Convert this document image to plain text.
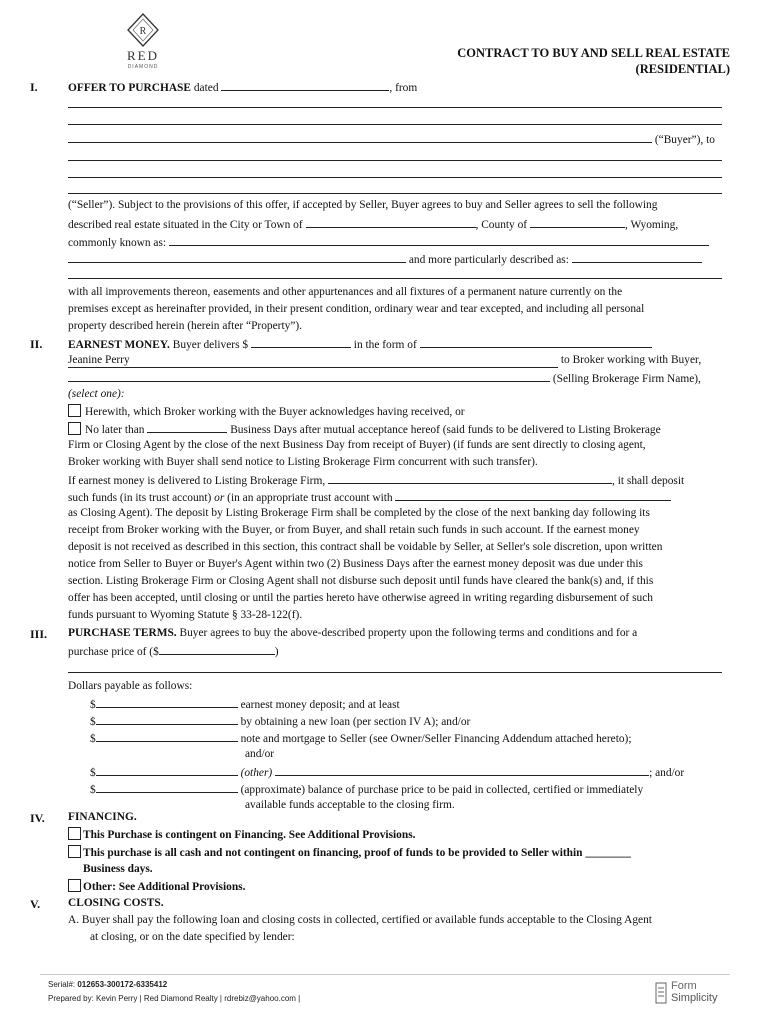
R
RED
DIAMOND
CONTRACT TO BUY AND SELL REAL ESTATE
(RESIDENTIAL)
I.	OFFER TO PURCHASE dated	, from
(“Buyer”), to
(“Seller”). Subject to the provisions of this offer, if accepted by Seller, Buyer agrees to buy and Seller agrees to sell the following
described real estate situated in the City or Town of	, County of	, Wyoming,
commonly known as:
and more particularly described as:
with all improvements thereon, easements and other appurtenances and all fixtures of a permanent nature currently on the
premises except as hereinafter provided, in their present condition, ordinary wear and tear excepted, and including all personal
property described herein (herein after “Property”).
II. EARNEST MONEY. Buyer delivers $	in the form of
Jeanine Perry	to Broker working with Buyer,
(Selling Brokerage Firm Name),
(select one):
Herewith, which Broker working with the Buyer acknowledges having received, or
No later than	Business Days after mutual acceptance hereof (said funds to be delivered to Listing Brokerage
Firm or Closing Agent by the close of the next Business Day from receipt of Buyer) (if funds are sent directly to closing agent,
Broker working with Buyer shall send notice to Listing Brokerage Firm concurrent with such transfer).
If earnest money is delivered to Listing Brokerage Firm,	, it shall deposit
such funds (in its trust account) or (in an appropriate trust account with
as Closing Agent). The deposit by Listing Brokerage Firm shall be completed by the close of the next banking day following its
receipt from Broker working with the Buyer, or from Buyer, and shall retain such funds in such account. If the earnest money
deposit is not received as described in this section, this contract shall be voidable by Seller, at Seller's sole discretion, upon written
notice from Seller to Buyer or Buyer's Agent within two (2) Business Days after the earnest money deposit was due under this
section. Listing Brokerage Firm or Closing Agent shall not disburse such deposit until funds have cleared the bank(s) and, if this
offer has been accepted, until closing or until the parties hereto have otherwise agreed in writing regarding disbursement of such
funds pursuant to Wyoming Statute § 33-28-122(f).
III. PURCHASE TERMS. Buyer agrees to buy the above-described property upon the following terms and conditions and for a
purchase price of ($	)
Dollars payable as follows:
$	earnest money deposit; and at least
$	by obtaining a new loan (per section IV A); and/or
$	note and mortgage to Seller (see Owner/Seller Financing Addendum attached hereto);
and/or
$	(other)	; and/or
$	(approximate) balance of purchase price to be paid in collected, certified or immediately
available funds acceptable to the closing firm.
IV. FINANCING.
This Purchase is contingent on Financing. See Additional Provisions.
This purchase is all cash and not contingent on financing, proof of funds to be provided to Seller within ________
Business days.
Other: See Additional Provisions.
V. CLOSING COSTS.
A. Buyer shall pay the following loan and closing costs in collected, certified or available funds acceptable to the Closing Agent
at closing, or on the date specified by lender:
Serial#: 012653-300172-6335412
Prepared by: Kevin Perry | Red Diamond Realty | rdrebiz@yahoo.com |
Form
Simplicity
